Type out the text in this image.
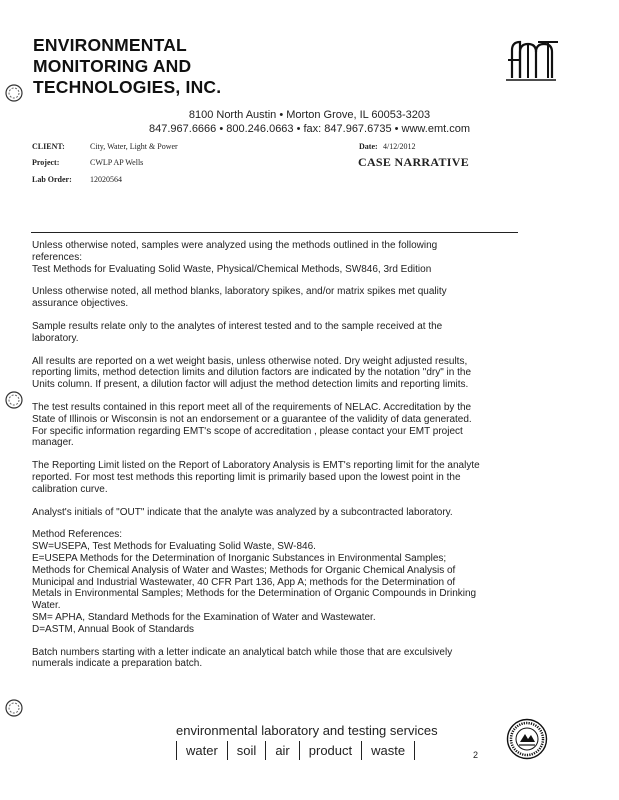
ENVIRONMENTAL
MONITORING AND
TECHNOLOGIES, INC.
8100 North Austin • Morton Grove, IL 60053-3203
847.967.6666 • 800.246.0663 • fax: 847.967.6735 • www.emt.com
CLIENT:	City, Water, Light & Power
Project:	CWLP AP Wells
Lab Order: 12020564
Date: 4/12/2012
CASE NARRATIVE

Unless otherwise noted, samples were analyzed using the methods outlined in the following
references:
Test Methods for Evaluating Solid Waste, Physical/Chemical Methods, SW846, 3rd Edition

Unless otherwise noted, all method blanks, laboratory spikes, and/or matrix spikes met quality
assurance objectives.

Sample results relate only to the analytes of interest tested and to the sample received at the
laboratory.

All results are reported on a wet weight basis, unless otherwise noted. Dry weight adjusted results,
reporting limits, method detection limits and dilution factors are indicated by the notation "dry" in the
Units column. If present, a dilution factor will adjust the method detection limits and reporting limits.

The test results contained in this report meet all of the requirements of NELAC. Accreditation by the
State of Illinois or Wisconsin is not an endorsement or a guarantee of the validity of data generated.
For specific information regarding EMT's scope of accreditation , please contact your EMT project
manager.

The Reporting Limit listed on the Report of Laboratory Analysis is EMT's reporting limit for the analyte
reported. For most test methods this reporting limit is primarily based upon the lowest point in the
calibration curve.

Analyst's initials of "OUT" indicate that the analyte was analyzed by a subcontracted laboratory.

Method References:
SW=USEPA, Test Methods for Evaluating Solid Waste, SW-846.
E=USEPA Methods for the Determination of Inorganic Substances in Environmental Samples;
Methods for Chemical Analysis of Water and Wastes; Methods for Organic Chemical Analysis of
Municipal and Industrial Wastewater, 40 CFR Part 136, App A; methods for the Determination of
Metals in Environmental Samples; Methods for the Determination of Organic Compounds in Drinking
Water.
SM= APHA, Standard Methods for the Examination of Water and Wastewater.
D=ASTM, Annual Book of Standards

Batch numbers starting with a letter indicate an analytical batch while those that are exculsively
numerals indicate a preparation batch.

environmental laboratory and testing services
water	soil	air	product	waste	2
